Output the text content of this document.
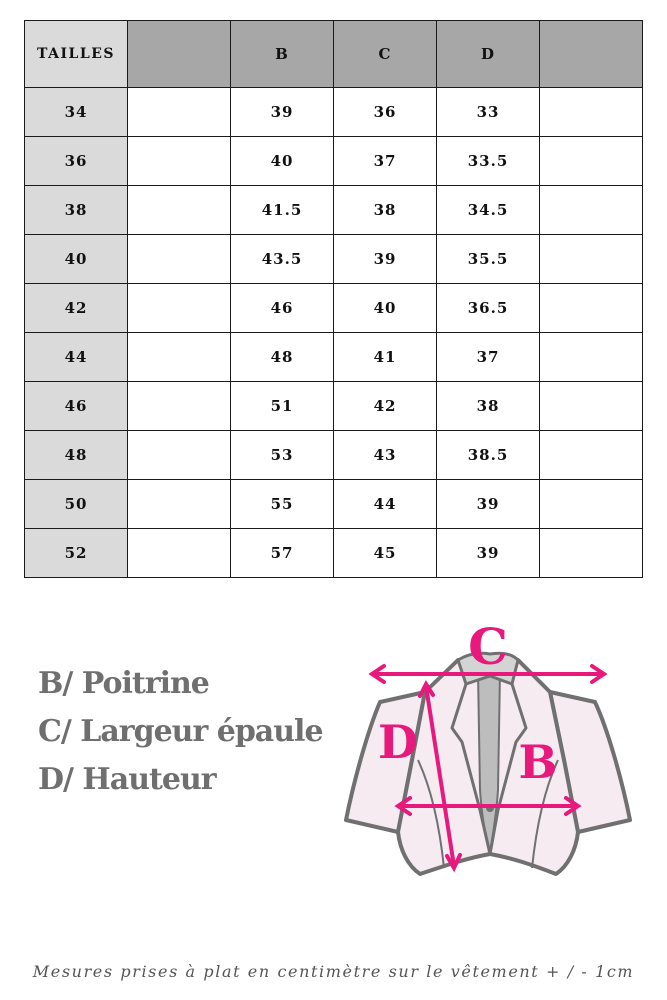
TAILLES		B	C	D	
34		39	36	33	
36		40	37	33.5	
38		41.5	38	34.5	
40		43.5	39	35.5	
42		46	40	36.5	
44		48	41	37	
46		51	42	38	
48		53	43	38.5	
50		55	44	39	
52		57	45	39	
B/ Poitrine
C/ Largeur épaule
D/ Hauteur
C
D B
Mesures prises à plat en centimètre sur le vêtement + / - 1cm
